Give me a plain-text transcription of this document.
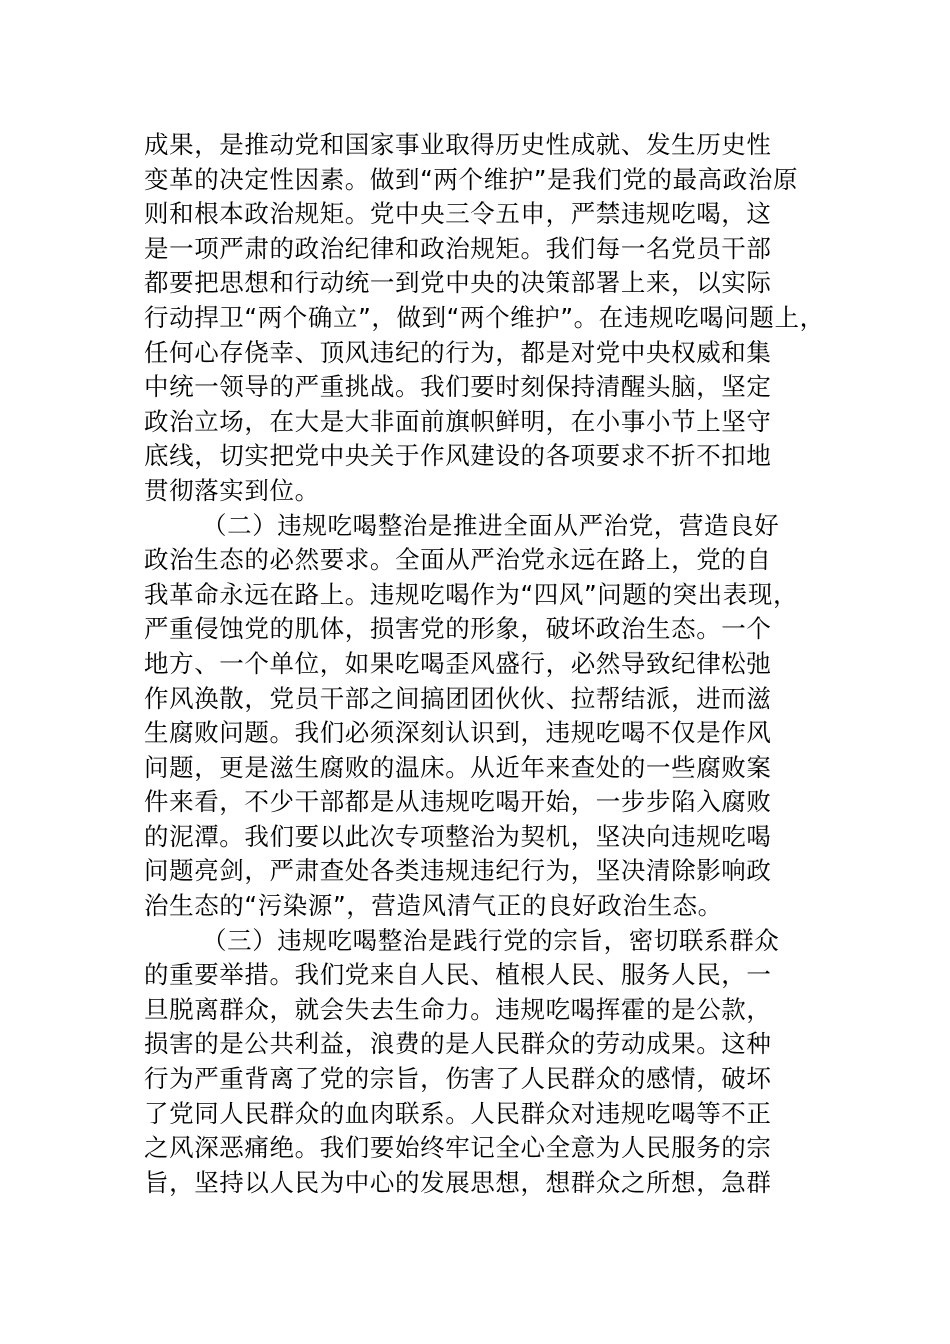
成果，是推动党和国家事业取得历史性成就、发生历史性
变革的决定性因素。做到“两个维护”是我们党的最高政治原
则和根本政治规矩。党中央三令五申，严禁违规吃喝，这
是一项严肃的政治纪律和政治规矩。我们每一名党员干部
都要把思想和行动统一到党中央的决策部署上来，以实际
行动捍卫“两个确立”，做到“两个维护”。在违规吃喝问题上，
任何心存侥幸、顶风违纪的行为，都是对党中央权威和集
中统一领导的严重挑战。我们要时刻保持清醒头脑，坚定
政治立场，在大是大非面前旗帜鲜明，在小事小节上坚守
底线，切实把党中央关于作风建设的各项要求不折不扣地
贯彻落实到位。
（二）违规吃喝整治是推进全面从严治党，营造良好
政治生态的必然要求。全面从严治党永远在路上，党的自
我革命永远在路上。违规吃喝作为“四风”问题的突出表现，
严重侵蚀党的肌体，损害党的形象，破坏政治生态。一个
地方、一个单位，如果吃喝歪风盛行，必然导致纪律松弛
作风涣散，党员干部之间搞团团伙伙、拉帮结派，进而滋
生腐败问题。我们必须深刻认识到，违规吃喝不仅是作风
问题，更是滋生腐败的温床。从近年来查处的一些腐败案
件来看，不少干部都是从违规吃喝开始，一步步陷入腐败
的泥潭。我们要以此次专项整治为契机，坚决向违规吃喝
问题亮剑，严肃查处各类违规违纪行为，坚决清除影响政
治生态的“污染源”，营造风清气正的良好政治生态。
（三）违规吃喝整治是践行党的宗旨，密切联系群众
的重要举措。我们党来自人民、植根人民、服务人民，一
旦脱离群众，就会失去生命力。违规吃喝挥霍的是公款，
损害的是公共利益，浪费的是人民群众的劳动成果。这种
行为严重背离了党的宗旨，伤害了人民群众的感情，破坏
了党同人民群众的血肉联系。人民群众对违规吃喝等不正
之风深恶痛绝。我们要始终牢记全心全意为人民服务的宗
旨，坚持以人民为中心的发展思想，想群众之所想，急群
